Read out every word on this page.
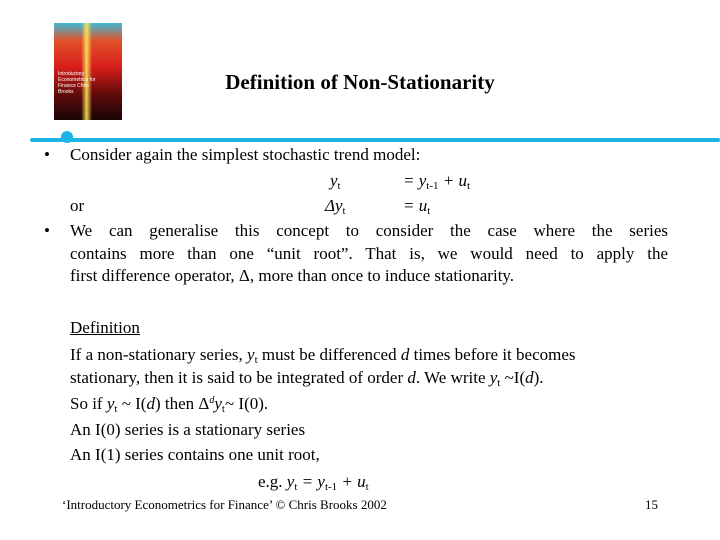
Introductory Econometrics for Finance Chris Brooks	Definition of Non-Stationarity
• Consider again the simplest stochastic trend model:
$y_t$	= $y_{t-1} + u_t$
or	$\Delta y_t$	= $u_t$
• We can generalise this concept to consider the case where the series
contains more than one “unit root”. That is, we would need to apply the
first difference operator, Δ, more than once to induce stationarity.
Definition
If a non-stationary series, $y_t$ must be differenced d times before it becomes
stationary, then it is said to be integrated of order d. We write $y_t$ ~I(d).
So if $y_t$ ~ I(d) then $\Delta^dy_t\sim$ I(0).
An I(0) series is a stationary series
An I(1) series contains one unit root,
e.g. $y_t = y_{t-1} + u_t$
‘Introductory Econometrics for Finance’ © Chris Brooks 2002	15
